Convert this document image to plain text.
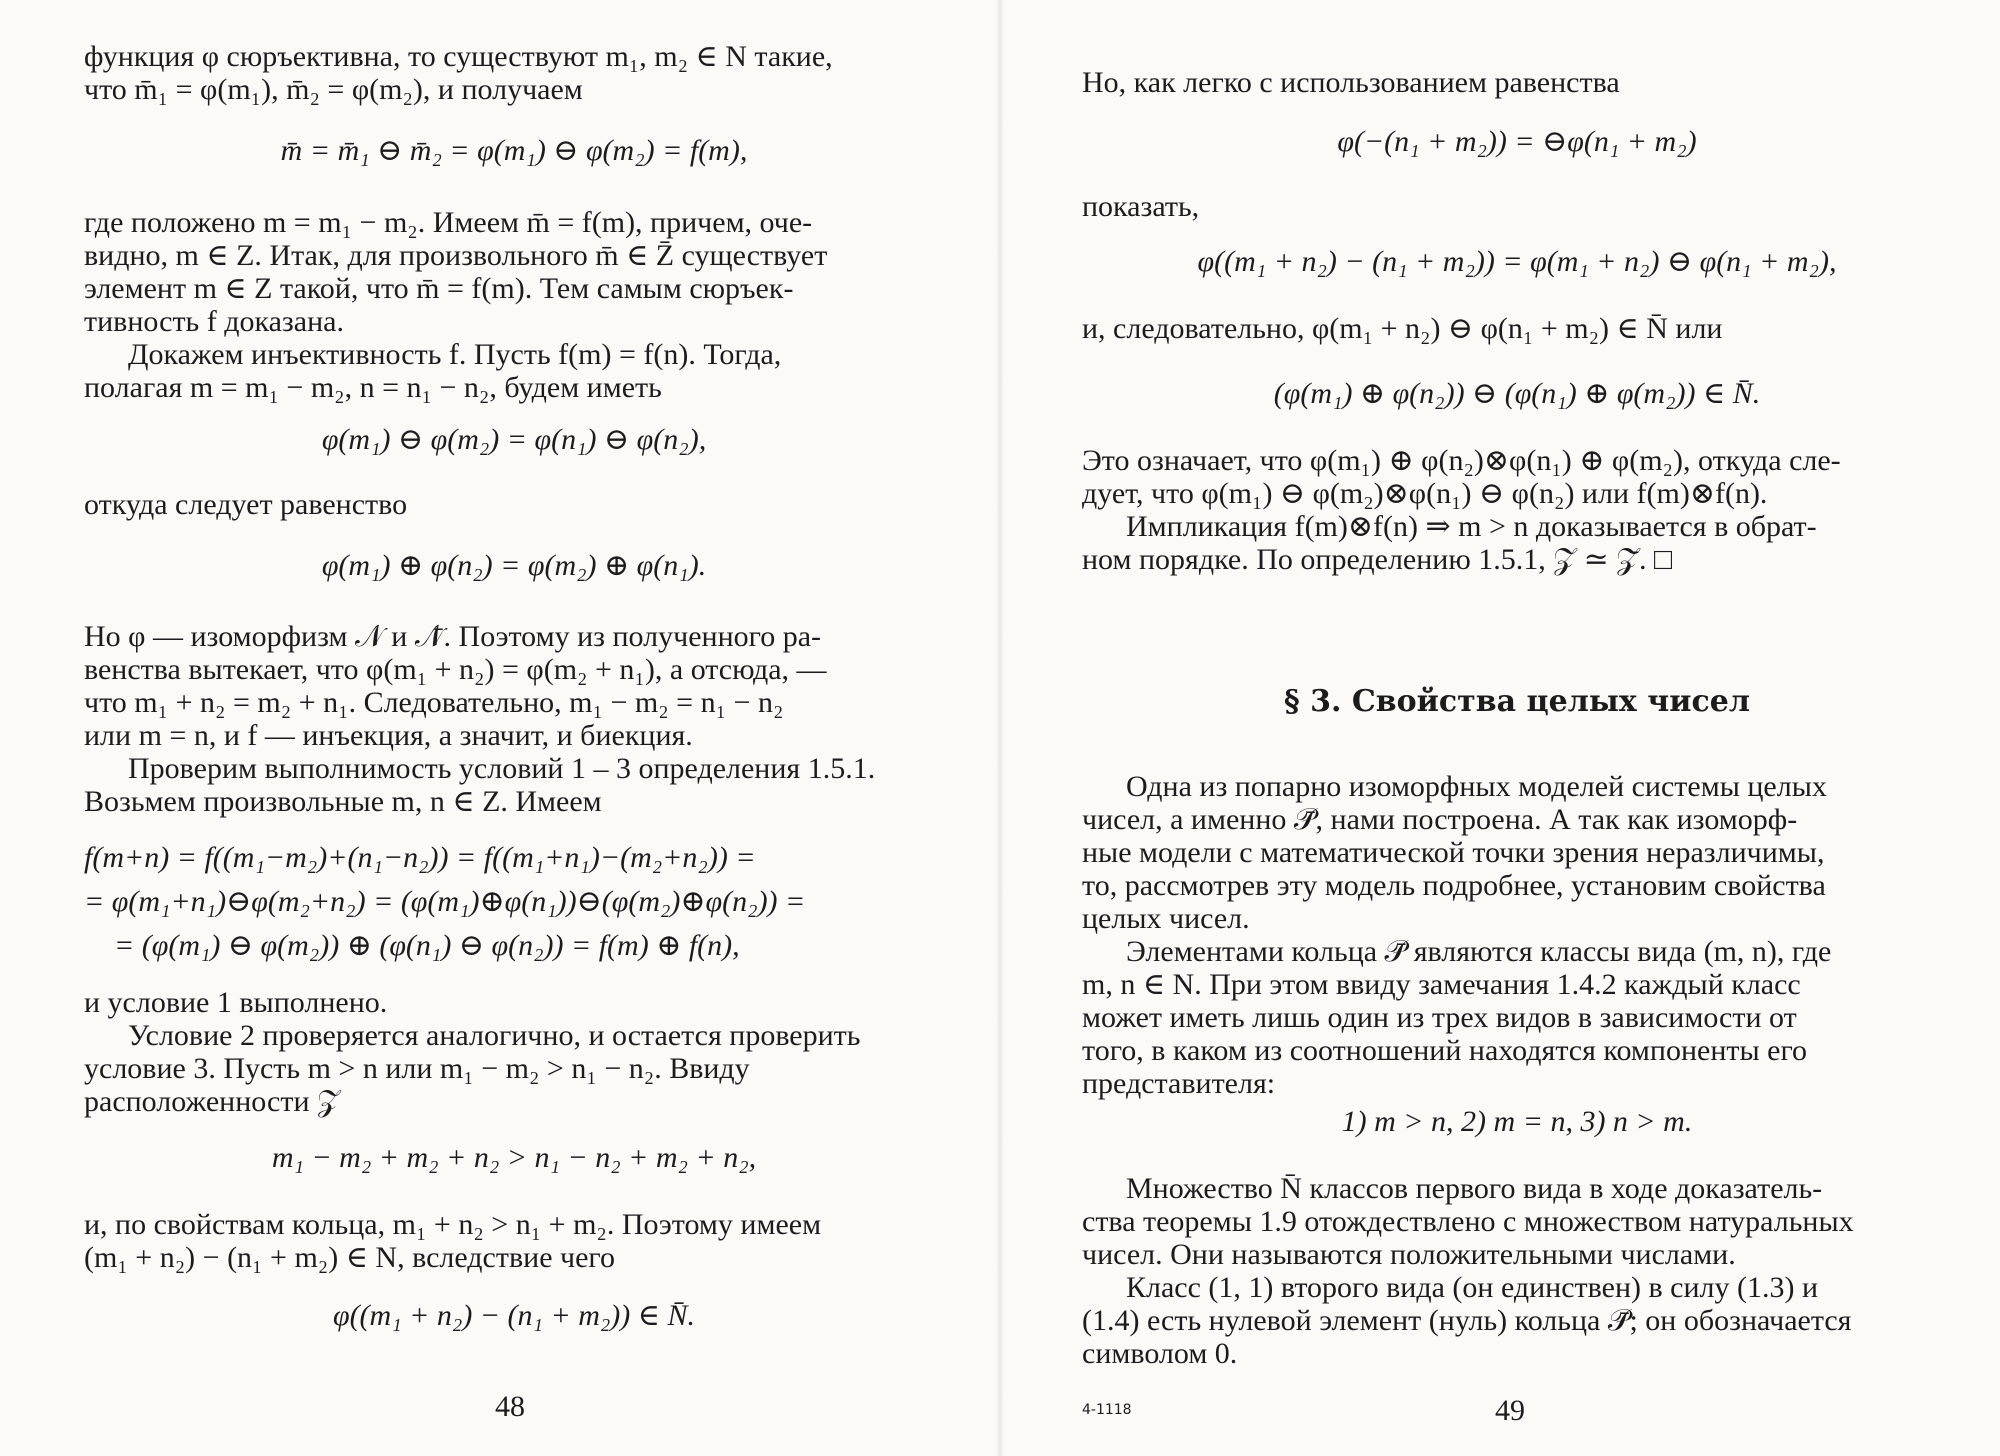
функция φ сюръективна, то существуют m₁, m₂ ∈ N такие,
что m̄₁ = φ(m₁), m̄₂ = φ(m₂), и получаем
m̄ = m̄₁ ⊖ m̄₂ = φ(m₁) ⊖ φ(m₂) = f(m),
где положено m = m₁ − m₂. Имеем m̄ = f(m), причем, оче-
видно, m ∈ Z. Итак, для произвольного m̄ ∈ Z̄ существует
элемент m ∈ Z такой, что m̄ = f(m). Тем самым сюръек-
тивность f доказана.
Докажем инъективность f. Пусть f(m) = f(n). Тогда,
полагая m = m₁ − m₂, n = n₁ − n₂, будем иметь
φ(m₁) ⊖ φ(m₂) = φ(n₁) ⊖ φ(n₂),
откуда следует равенство
φ(m₁) ⊕ φ(n₂) = φ(m₂) ⊕ φ(n₁).
Но φ — изоморфизм 𝒩 и 𝒩̄. Поэтому из полученного ра-
венства вытекает, что φ(m₁ + n₂) = φ(m₂ + n₁), а отсюда, —
что m₁ + n₂ = m₂ + n₁. Следовательно, m₁ − m₂ = n₁ − n₂
или m = n, и f — инъекция, а значит, и биекция.
Проверим выполнимость условий 1 – 3 определения 1.5.1.
Возьмем произвольные m, n ∈ Z. Имеем
f(m+n) = f((m₁−m₂)+(n₁−n₂)) = f((m₁+n₁)−(m₂+n₂)) =
= φ(m₁+n₁)⊖φ(m₂+n₂) = (φ(m₁)⊕φ(n₁))⊖(φ(m₂)⊕φ(n₂)) =
= (φ(m₁) ⊖ φ(m₂)) ⊕ (φ(n₁) ⊖ φ(n₂)) = f(m) ⊕ f(n),
и условие 1 выполнено.
Условие 2 проверяется аналогично, и остается проверить
условие 3. Пусть m > n или m₁ − m₂ > n₁ − n₂. Ввиду
расположенности 𝒵
m₁ − m₂ + m₂ + n₂ > n₁ − n₂ + m₂ + n₂,
и, по свойствам кольца, m₁ + n₂ > n₁ + m₂. Поэтому имеем
(m₁ + n₂) − (n₁ + m₂) ∈ N, вследствие чего
φ((m₁ + n₂) − (n₁ + m₂)) ∈ N̄.
48
Но, как легко с использованием равенства
φ(−(n₁ + m₂)) = ⊖φ(n₁ + m₂)
показать,
φ((m₁ + n₂) − (n₁ + m₂)) = φ(m₁ + n₂) ⊖ φ(n₁ + m₂),
и, следовательно, φ(m₁ + n₂) ⊖ φ(n₁ + m₂) ∈ N̄ или
(φ(m₁) ⊕ φ(n₂)) ⊖ (φ(n₁) ⊕ φ(m₂)) ∈ N̄.
Это означает, что φ(m₁) ⊕ φ(n₂)⊗φ(n₁) ⊕ φ(m₂), откуда сле-
дует, что φ(m₁) ⊖ φ(m₂)⊗φ(n₁) ⊖ φ(n₂) или f(m)⊗f(n).
Импликация f(m)⊗f(n) ⇒ m > n доказывается в обрат-
ном порядке. По определению 1.5.1, 𝒵 ≃ 𝒵̄. □
§ 3. Свойства целых чисел
Одна из попарно изоморфных моделей системы целых
чисел, а именно 𝒫̄, нами построена. А так как изоморф-
ные модели с математической точки зрения неразличимы,
то, рассмотрев эту модель подробнее, установим свойства
целых чисел.
Элементами кольца 𝒫̄ являются классы вида (m, n), где
m, n ∈ N. При этом ввиду замечания 1.4.2 каждый класс
может иметь лишь один из трех видов в зависимости от
того, в каком из соотношений находятся компоненты его
представителя:
1) m > n, 2) m = n, 3) n > m.
Множество N̄ классов первого вида в ходе доказатель-
ства теоремы 1.9 отождествлено с множеством натуральных
чисел. Они называются положительными числами.
Класс (1, 1) второго вида (он единствен) в силу (1.3) и
(1.4) есть нулевой элемент (нуль) кольца 𝒫̄; он обозначается
символом 0.
4-1118	49
